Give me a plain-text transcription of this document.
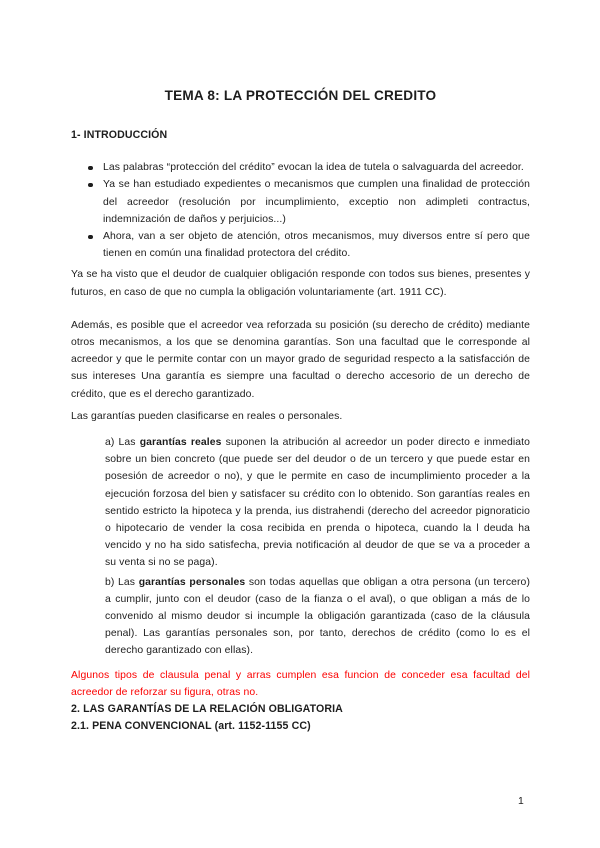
TEMA 8: LA PROTECCIÓN DEL CREDITO
1- INTRODUCCIÓN
Las palabras “protección del crédito” evocan la idea de tutela o salvaguarda del acreedor.
Ya se han estudiado expedientes o mecanismos que cumplen una finalidad de protección del acreedor (resolución por incumplimiento, exceptio non adimpleti contractus, indemnización de daños y perjuicios...)
Ahora, van a ser objeto de atención, otros mecanismos, muy diversos entre sí pero que tienen en común una finalidad protectora del crédito.

Ya se ha visto que el deudor de cualquier obligación responde con todos sus bienes, presentes y futuros, en caso de que no cumpla la obligación voluntariamente (art. 1911 CC).

Además, es posible que el acreedor vea reforzada su posición (su derecho de crédito) mediante otros mecanismos, a los que se denomina garantías. Son una facultad que le corresponde al acreedor y que le permite contar con un mayor grado de seguridad respecto a la satisfacción de sus intereses Una garantía es siempre una facultad o derecho accesorio de un derecho de crédito, que es el derecho garantizado.

Las garantías pueden clasificarse en reales o personales.

a) Las garantías reales suponen la atribución al acreedor un poder directo e inmediato sobre un bien concreto (que puede ser del deudor o de un tercero y que puede estar en posesión de acreedor o no), y que le permite en caso de incumplimiento proceder a la ejecución forzosa del bien y satisfacer su crédito con lo obtenido. Son garantías reales en sentido estricto la hipoteca y la prenda, ius distrahendi (derecho del acreedor pignoraticio o hipotecario de vender la cosa recibida en prenda o hipoteca, cuando la l deuda ha vencido y no ha sido satisfecha, previa notificación al deudor de que se va a proceder a su venta si no se paga).

b) Las garantías personales son todas aquellas que obligan a otra persona (un tercero) a cumplir, junto con el deudor (caso de la fianza o el aval), o que obligan a más de lo convenido al mismo deudor si incumple la obligación garantizada (caso de la cláusula penal). Las garantías personales son, por tanto, derechos de crédito (como lo es el derecho garantizado con ellas).

Algunos tipos de clausula penal y arras cumplen esa funcion de conceder esa facultad del acreedor de reforzar su figura, otras no.

2. LAS GARANTÍAS DE LA RELACIÓN OBLIGATORIA
2.1. PENA CONVENCIONAL (art. 1152-1155 CC)
1
